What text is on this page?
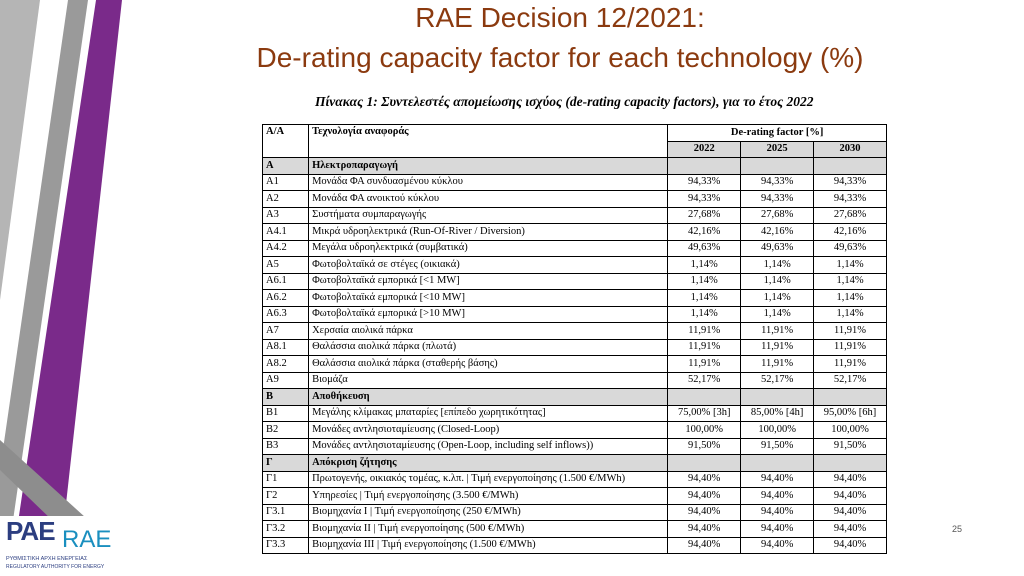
RAE Decision 12/2021:
De-rating capacity factor for each technology (%)
Πίνακας 1: Συντελεστές απομείωσης ισχύος (de-rating capacity factors), για το έτος 2022
Α/Α	Τεχνολογία αναφοράς	De-rating factor [%]		
		2022	2025	2030
Α	Ηλεκτροπαραγωγή			
Α1	Μονάδα ΦΑ συνδυασμένου κύκλου	94,33%	94,33%	94,33%
Α2	Μονάδα ΦΑ ανοικτού κύκλου	94,33%	94,33%	94,33%
Α3	Συστήματα συμπαραγωγής	27,68%	27,68%	27,68%
Α4.1	Μικρά υδροηλεκτρικά (Run-Of-River / Diversion)	42,16%	42,16%	42,16%
Α4.2	Μεγάλα υδροηλεκτρικά (συμβατικά)	49,63%	49,63%	49,63%
Α5	Φωτοβολταϊκά σε στέγες (οικιακά)	1,14%	1,14%	1,14%
Α6.1	Φωτοβολταϊκά εμπορικά [<1 MW]	1,14%	1,14%	1,14%
Α6.2	Φωτοβολταϊκά εμπορικά [<10 MW]	1,14%	1,14%	1,14%
Α6.3	Φωτοβολταϊκά εμπορικά [>10 MW]	1,14%	1,14%	1,14%
Α7	Χερσαία αιολικά πάρκα	11,91%	11,91%	11,91%
Α8.1	Θαλάσσια αιολικά πάρκα (πλωτά)	11,91%	11,91%	11,91%
Α8.2	Θαλάσσια αιολικά πάρκα (σταθερής βάσης)	11,91%	11,91%	11,91%
Α9	Βιομάζα	52,17%	52,17%	52,17%
Β	Αποθήκευση			
Β1	Μεγάλης κλίμακας μπαταρίες [επίπεδο χωρητικότητας]	75,00% [3h]	85,00% [4h]	95,00% [6h]
Β2	Μονάδες αντλησιοταμίευσης (Closed-Loop)	100,00%	100,00%	100,00%
Β3	Μονάδες αντλησιοταμίευσης (Open-Loop, including self inflows))	91,50%	91,50%	91,50%
Γ	Απόκριση ζήτησης			
Γ1	Πρωτογενής, οικιακός τομέας, κ.λπ. | Τιμή ενεργοποίησης (1.500 €/MWh)	94,40%	94,40%	94,40%
Γ2	Υπηρεσίες | Τιμή ενεργοποίησης (3.500 €/MWh)	94,40%	94,40%	94,40%
Γ3.1	Βιομηχανία Ι | Τιμή ενεργοποίησης (250 €/MWh)	94,40%	94,40%	94,40%
Γ3.2	Βιομηχανία ΙΙ | Τιμή ενεργοποίησης (500 €/MWh)	94,40%	94,40%	94,40%
Γ3.3	Βιομηχανία ΙΙΙ | Τιμή ενεργοποίησης (1.500 €/MWh)	94,40%	94,40%	94,40%
PAE RAE
ΡΥΘΜΙΣΤΙΚΗ ΑΡΧΗ ΕΝΕΡΓΕΙΑΣ
REGULATORY AUTHORITY FOR ENERGY
25
